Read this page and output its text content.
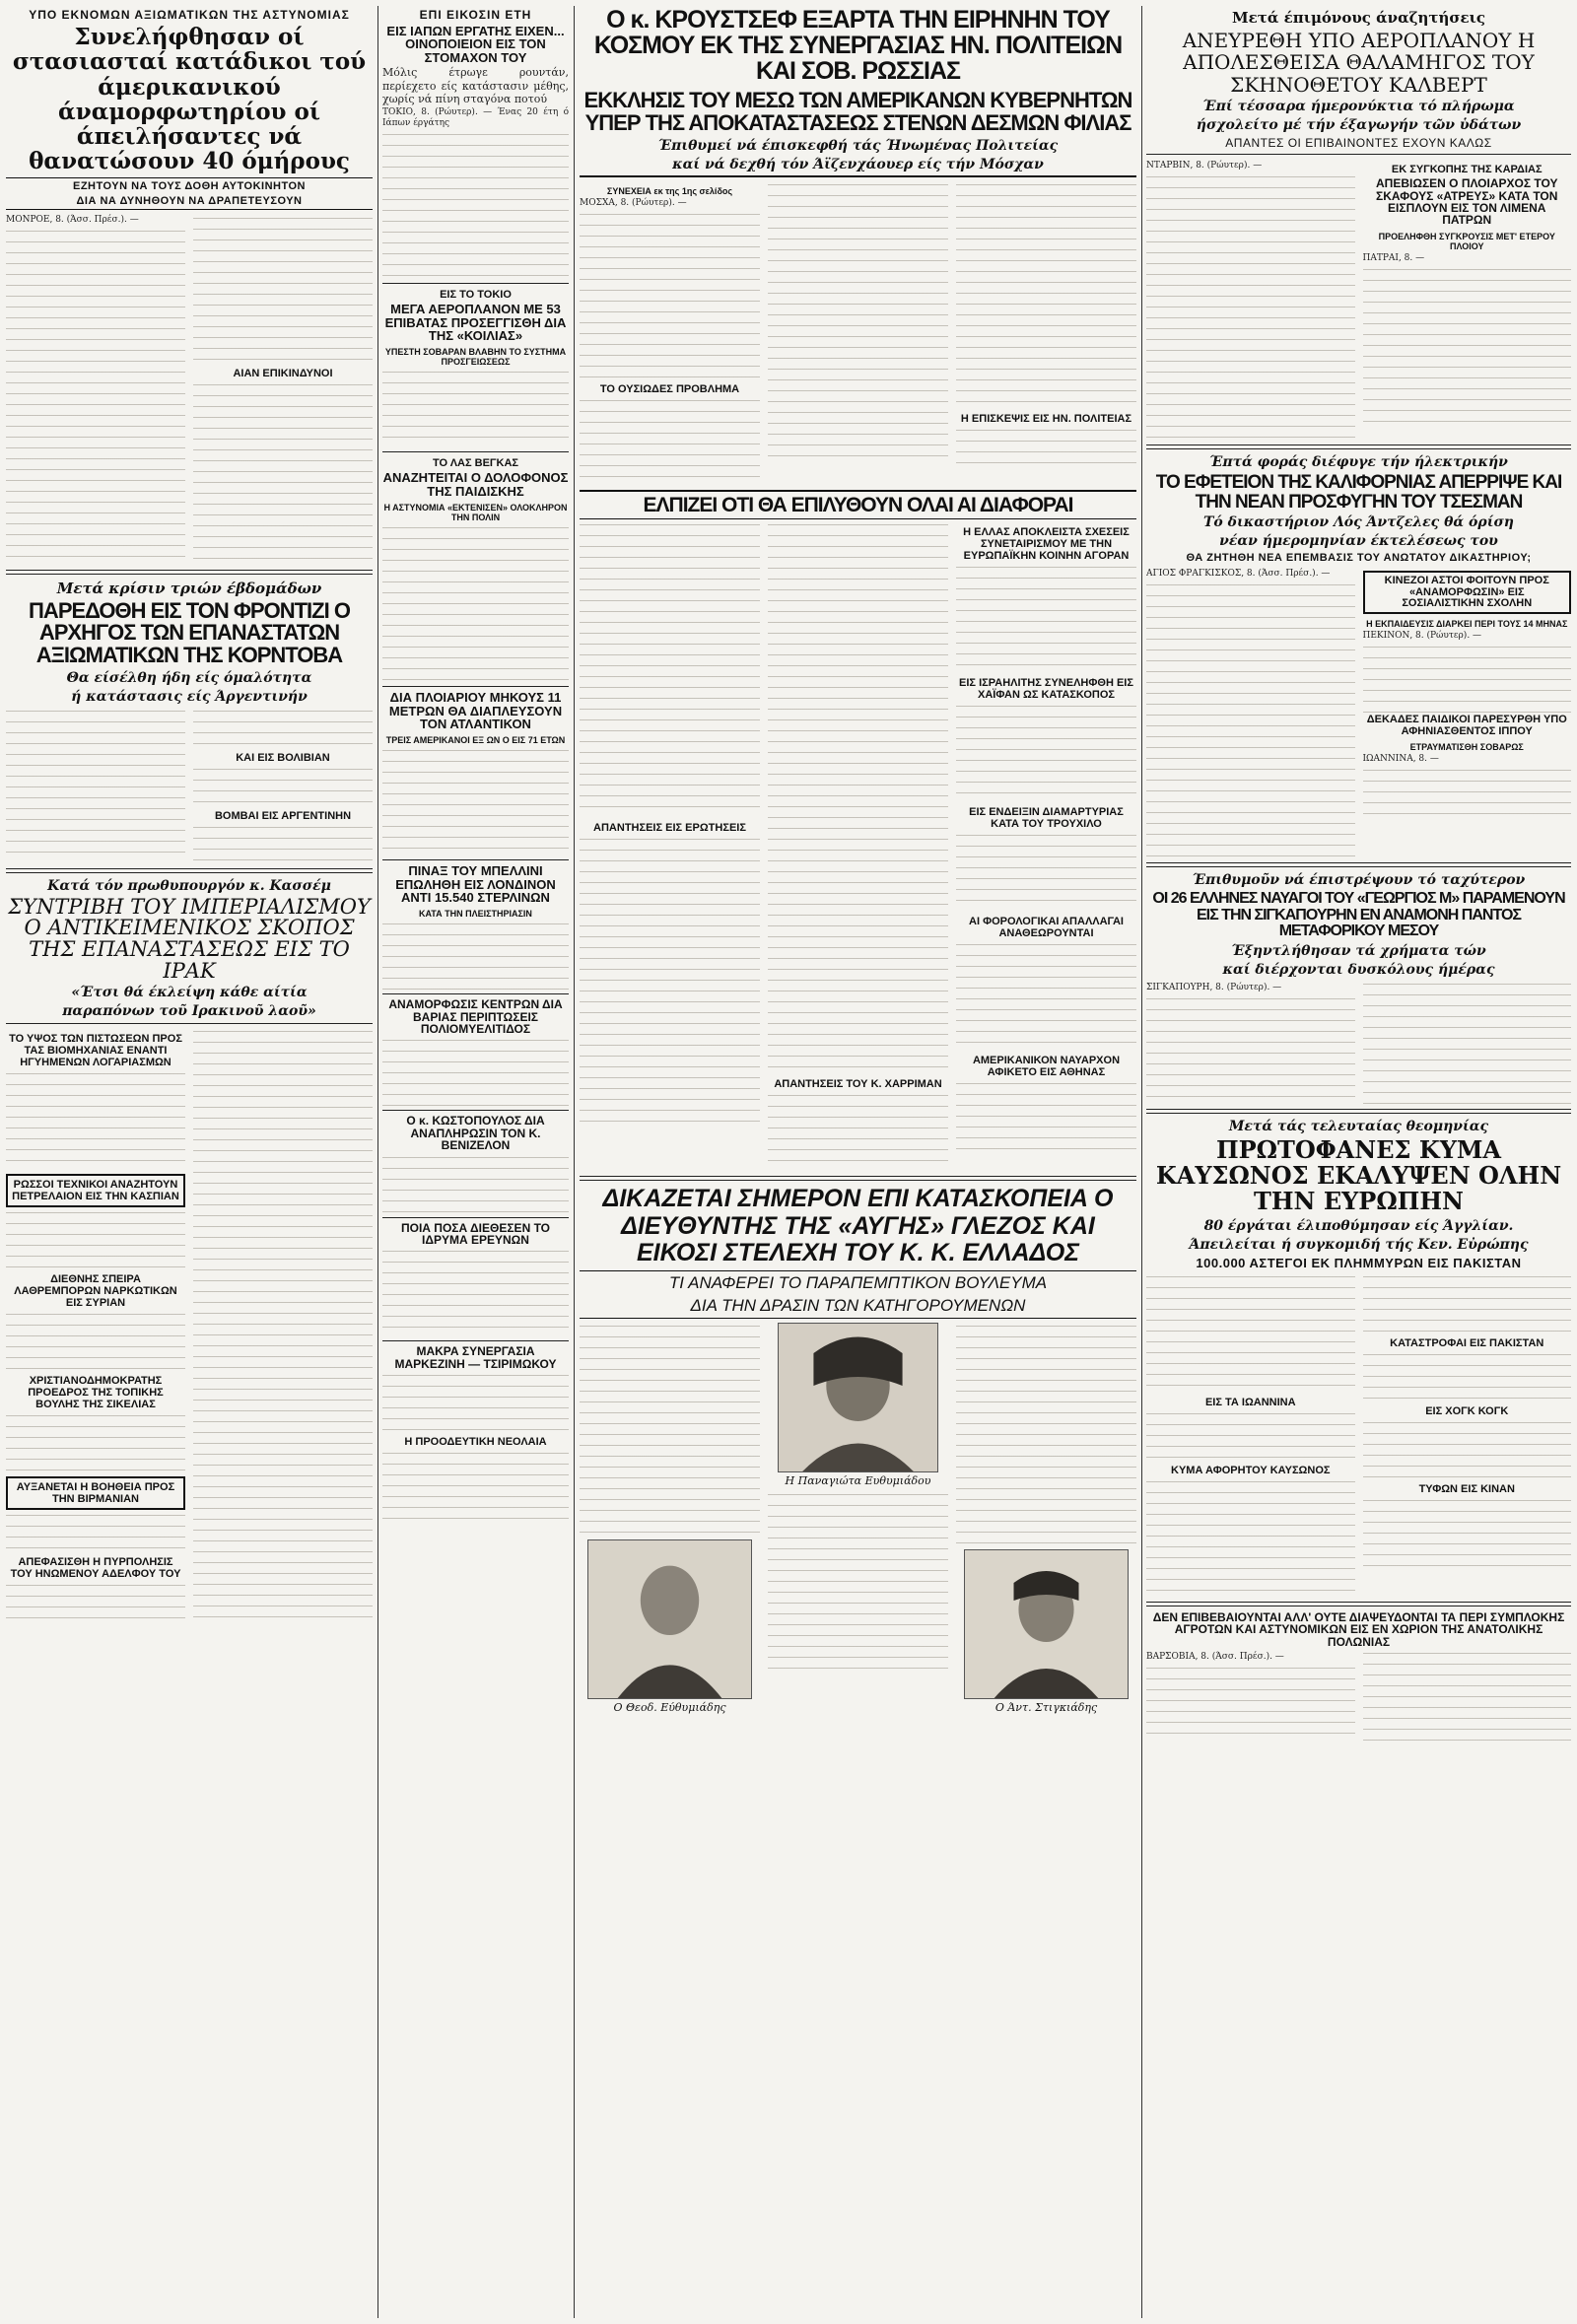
ΥΠΟ ΕΚΝΟΜΩΝ ΑΞΙΩΜΑΤΙΚΩΝ ΤΗΣ ΑΣΤΥΝΟΜΙΑΣ
Συνελήφθησαν οί στασιασταί κατάδικοι τού άμερικανικού άναμορφωτηρίου οί άπειλήσαντες νά θανατώσουν 40 όμήρους
ΕΖΗΤΟΥΝ ΝΑ ΤΟΥΣ ΔΟΘΗ ΑΥΤΟΚΙΝΗΤΟΝ
ΔΙΑ ΝΑ ΔΥΝΗΘΟΥΝ ΝΑ ΔΡΑΠΕΤΕΥΣΟΥΝ
ΜΟΝΡΟΕ, 8. (Άσσ. Πρέσ.). —
ΑΙΑΝ ΕΠΙΚΙΝΔΥΝΟΙ
Μετά κρίσιν τριών έβδομάδων
ΠΑΡΕΔΟΘΗ ΕΙΣ ΤΟΝ ΦΡΟΝΤΙΖΙ Ο ΑΡΧΗΓΟΣ ΤΩΝ ΕΠΑΝΑΣΤΑΤΩΝ ΑΞΙΩΜΑΤΙΚΩΝ ΤΗΣ ΚΟΡΝΤΟΒΑ
Θα είσέλθη ήδη είς όμαλότητα
ή κατάστασις είς Άργεντινήν
ΚΑΙ ΕΙΣ ΒΟΛΙΒΙΑΝ
ΒΟΜΒΑΙ ΕΙΣ ΑΡΓΕΝΤΙΝΗΝ
Κατά τόν πρωθυπουργόν κ. Κασσέμ
ΣΥΝΤΡΙΒΗ ΤΟΥ ΙΜΠΕΡΙΑΛΙΣΜΟΥ Ο ΑΝΤΙΚΕΙΜΕΝΙΚΟΣ ΣΚΟΠΟΣ ΤΗΣ ΕΠΑΝΑΣΤΑΣΕΩΣ ΕΙΣ ΤΟ ΙΡΑΚ
«Έτσι θά έκλείψη κάθε αίτία
παραπόνων τοῦ Ιρακινοῦ λαοῦ»
ΤΟ ΥΨΟΣ ΤΩΝ ΠΙΣΤΩΣΕΩΝ ΠΡΟΣ ΤΑΣ ΒΙΟΜΗΧΑΝΙΑΣ ΕΝΑΝΤΙ ΗΓΥΗΜΕΝΩΝ ΛΟΓΑΡΙΑΣΜΩΝ
ΡΩΣΣΟΙ ΤΕΧΝΙΚΟΙ ΑΝΑΖΗΤΟΥΝ ΠΕΤΡΕΛΑΙΟΝ ΕΙΣ ΤΗΝ ΚΑΣΠΙΑΝ
ΔΙΕΘΝΗΣ ΣΠΕΙΡΑ ΛΑΘΡΕΜΠΟΡΩΝ ΝΑΡΚΩΤΙΚΩΝ ΕΙΣ ΣΥΡΙΑΝ
ΧΡΙΣΤΙΑΝΟΔΗΜΟΚΡΑΤΗΣ ΠΡΟΕΔΡΟΣ ΤΗΣ ΤΟΠΙΚΗΣ ΒΟΥΛΗΣ ΤΗΣ ΣΙΚΕΛΙΑΣ
ΑΥΞΑΝΕΤΑΙ Η ΒΟΗΘΕΙΑ ΠΡΟΣ ΤΗΝ ΒΙΡΜΑΝΙΑΝ
ΑΠΕΦΑΣΙΣΘΗ Η ΠΥΡΠΟΛΗΣΙΣ ΤΟΥ ΗΝΩΜΕΝΟΥ ΑΔΕΛΦΟΥ ΤΟΥ
ΕΠΙ ΕΙΚΟΣΙΝ ΕΤΗ
ΕΙΣ ΙΑΠΩΝ ΕΡΓΑΤΗΣ ΕΙΧΕΝ... ΟΙΝΟΠΟΙΕΙΟΝ ΕΙΣ ΤΟΝ ΣΤΟΜΑΧΟΝ ΤΟΥ
Μόλις έτρωγε ρουντάν, περίεχετο είς κατάστασιν μέθης, χωρίς νά πίνη σταγόνα ποτού
ΤΟΚΙΟ, 8. (Ρώυτερ). — Ένας 20 έτη ό Ιάπων έργάτης
ΕΙΣ ΤΟ ΤΟΚΙΟ
ΜΕΓΑ ΑΕΡΟΠΛΑΝΟΝ ΜΕ 53 ΕΠΙΒΑΤΑΣ ΠΡΟΣΕΓΓΙΣΘΗ ΔΙΑ ΤΗΣ «ΚΟΙΛΙΑΣ»
ΥΠΕΣΤΗ ΣΟΒΑΡΑΝ ΒΛΑΒΗΝ ΤΟ ΣΥΣΤΗΜΑ ΠΡΟΣΓΕΙΩΣΕΩΣ
ΤΟ ΛΑΣ ΒΕΓΚΑΣ
ΑΝΑΖΗΤΕΙΤΑΙ Ο ΔΟΛΟΦΟΝΟΣ ΤΗΣ ΠΑΙΔΙΣΚΗΣ
Η ΑΣΤΥΝΟΜΙΑ «ΕΚΤΕΝΙΣΕΝ» ΟΛΟΚΛΗΡΟΝ ΤΗΝ ΠΟΛΙΝ
ΔΙΑ ΠΛΟΙΑΡΙΟΥ ΜΗΚΟΥΣ 11 ΜΕΤΡΩΝ ΘΑ ΔΙΑΠΛΕΥΣΟΥΝ ΤΟΝ ΑΤΛΑΝΤΙΚΟΝ
ΤΡΕΙΣ ΑΜΕΡΙΚΑΝΟΙ ΕΞ ΩΝ Ο ΕΙΣ 71 ΕΤΩΝ
ΠΙΝΑΞ ΤΟΥ ΜΠΕΛΛΙΝΙ ΕΠΩΛΗΘΗ ΕΙΣ ΛΟΝΔΙΝΟΝ ΑΝΤΙ 15.540 ΣΤΕΡΛΙΝΩΝ
ΚΑΤΑ ΤΗΝ ΠΛΕΙΣΤΗΡΙΑΣΙΝ
ΑΝΑΜΟΡΦΩΣΙΣ ΚΕΝΤΡΩΝ ΔΙΑ ΒΑΡΙΑΣ ΠΕΡΙΠΤΩΣΕΙΣ ΠΟΛΙΟΜΥΕΛΙΤΙΔΟΣ
Ο κ. ΚΩΣΤΟΠΟΥΛΟΣ ΔΙΑ ΑΝΑΠΛΗΡΩΣΙΝ ΤΟΝ Κ. ΒΕΝΙΖΕΛΟΝ
ΠΟΙΑ ΠΟΣΑ ΔΙΕΘΕΣΕΝ ΤΟ ΙΔΡΥΜΑ ΕΡΕΥΝΩΝ
ΜΑΚΡΑ ΣΥΝΕΡΓΑΣΙΑ ΜΑΡΚΕΖΙΝΗ — ΤΣΙΡΙΜΩΚΟΥ
Η ΠΡΟΟΔΕΥΤΙΚΗ ΝΕΟΛΑΙΑ
Ο κ. ΚΡΟΥΣΤΣΕΦ ΕΞΑΡΤΑ ΤΗΝ ΕΙΡΗΝΗΝ ΤΟΥ ΚΟΣΜΟΥ ΕΚ ΤΗΣ ΣΥΝΕΡΓΑΣΙΑΣ ΗΝ. ΠΟΛΙΤΕΙΩΝ ΚΑΙ ΣΟΒ. ΡΩΣΣΙΑΣ
ΕΚΚΛΗΣΙΣ ΤΟΥ ΜΕΣΩ ΤΩΝ ΑΜΕΡΙΚΑΝΩΝ ΚΥΒΕΡΝΗΤΩΝ ΥΠΕΡ ΤΗΣ ΑΠΟΚΑΤΑΣΤΑΣΕΩΣ ΣΤΕΝΩΝ ΔΕΣΜΩΝ ΦΙΛΙΑΣ
Έπιθυμεί νά έπισκεφθή τάς Ήνωμένας Πολιτείας
καί νά δεχθή τόν Άϊζενχάουερ είς τήν Μόσχαν
ΣΥΝΕΧΕΙΑ εκ της 1ης σελίδος
ΜΟΣΧΑ, 8. (Ρώυτερ). —
ΤΟ ΟΥΣΙΩΔΕΣ ΠΡΟΒΛΗΜΑ
Η ΕΠΙΣΚΕΨΙΣ ΕΙΣ ΗΝ. ΠΟΛΙΤΕΙΑΣ
ΕΛΠΙΖΕΙ ΟΤΙ ΘΑ ΕΠΙΛΥΘΟΥΝ ΟΛΑΙ ΑΙ ΔΙΑΦΟΡΑΙ
ΑΠΑΝΤΗΣΕΙΣ ΕΙΣ ΕΡΩΤΗΣΕΙΣ
ΑΠΑΝΤΗΣΕΙΣ ΤΟΥ Κ. ΧΑΡΡΙΜΑΝ
Η ΕΛΛΑΣ ΑΠΟΚΛΕΙΣΤΑ ΣΧΕΣΕΙΣ ΣΥΝΕΤΑΙΡΙΣΜΟΥ ΜΕ ΤΗΝ ΕΥΡΩΠΑΪΚΗΝ ΚΟΙΝΗΝ ΑΓΟΡΑΝ
ΕΙΣ ΙΣΡΑΗΛΙΤΗΣ ΣΥΝΕΛΗΦΘΗ ΕΙΣ ΧΑΪΦΑΝ ΩΣ ΚΑΤΑΣΚΟΠΟΣ
ΕΙΣ ΕΝΔΕΙΞΙΝ ΔΙΑΜΑΡΤΥΡΙΑΣ ΚΑΤΑ ΤΟΥ ΤΡΟΥΧΙΛΟ
ΑΙ ΦΟΡΟΛΟΓΙΚΑΙ ΑΠΑΛΛΑΓΑΙ ΑΝΑΘΕΩΡΟΥΝΤΑΙ
ΑΜΕΡΙΚΑΝΙΚΟΝ ΝΑΥΑΡΧΟΝ ΑΦΙΚΕΤΟ ΕΙΣ ΑΘΗΝΑΣ
ΔΙΚΑΖΕΤΑΙ ΣΗΜΕΡΟΝ ΕΠΙ ΚΑΤΑΣΚΟΠΕΙΑ Ο ΔΙΕΥΘΥΝΤΗΣ ΤΗΣ «ΑΥΓΗΣ» ΓΛΕΖΟΣ ΚΑΙ ΕΙΚΟΣΙ ΣΤΕΛΕΧΗ ΤΟΥ Κ. Κ. ΕΛΛΑΔΟΣ
ΤΙ ΑΝΑΦΕΡΕΙ ΤΟ ΠΑΡΑΠΕΜΠΤΙΚΟΝ ΒΟΥΛΕΥΜΑ
ΔΙΑ ΤΗΝ ΔΡΑΣΙΝ ΤΩΝ ΚΑΤΗΓΟΡΟΥΜΕΝΩΝ
Ο Θεοδ. Εύθυμιάδης
Η Παναγιώτα Ευθυμιάδου
Ο Άντ. Στιγκιάδης
Μετά έπιμόνους άναζητήσεις
ΑΝΕΥΡΕΘΗ ΥΠΟ ΑΕΡΟΠΛΑΝΟΥ Η ΑΠΟΛΕΣΘΕΙΣΑ ΘΑΛΑΜΗΓΟΣ ΤΟΥ ΣΚΗΝΟΘΕΤΟΥ ΚΑΛΒΕΡΤ
Έπί τέσσαρα ήμερονύκτια τό πλήρωμα
ήσχολείτο μέ τήν έξαγωγήν τῶν ὑδάτων
ΑΠΑΝΤΕΣ ΟΙ ΕΠΙΒΑΙΝΟΝΤΕΣ ΕΧΟΥΝ ΚΑΛΩΣ
ΝΤΑΡΒΙΝ, 8. (Ρώυτερ). —	ΕΚ ΣΥΓΚΟΠΗΣ ΤΗΣ ΚΑΡΔΙΑΣ
ΑΠΕΒΙΩΣΕΝ Ο ΠΛΟΙΑΡΧΟΣ ΤΟΥ ΣΚΑΦΟΥΣ «ΑΤΡΕΥΣ» ΚΑΤΑ ΤΟΝ ΕΙΣΠΛΟΥΝ ΕΙΣ ΤΟΝ ΛΙΜΕΝΑ ΠΑΤΡΩΝ
ΠΡΟΕΛΗΦΘΗ ΣΥΓΚΡΟΥΣΙΣ ΜΕΤ' ΕΤΕΡΟΥ ΠΛΟΙΟΥ
ΠΑΤΡΑΙ, 8. —
Έπτά φοράς διέφυγε τήν ήλεκτρικήν
ΤΟ ΕΦΕΤΕΙΟΝ ΤΗΣ ΚΑΛΙΦΟΡΝΙΑΣ ΑΠΕΡΡΙΨΕ ΚΑΙ ΤΗΝ ΝΕΑΝ ΠΡΟΣΦΥΓΗΝ ΤΟΥ ΤΣΕΣΜΑΝ
Τό δικαστήριον Λός Άντζελες θά όρίση
νέαν ήμερομηνίαν έκτελέσεως του
ΘΑ ΖΗΤΗΘΗ ΝΕΑ ΕΠΕΜΒΑΣΙΣ ΤΟΥ ΑΝΩΤΑΤΟΥ ΔΙΚΑΣΤΗΡΙΟΥ;
ΑΓΙΟΣ ΦΡΑΓΚΙΣΚΟΣ, 8. (Άσσ. Πρέσ.). —
ΚΙΝΕΖΟΙ ΑΣΤΟΙ ΦΟΙΤΟΥΝ ΠΡΟΣ «ΑΝΑΜΟΡΦΩΣΙΝ» ΕΙΣ ΣΟΣΙΑΛΙΣΤΙΚΗΝ ΣΧΟΛΗΝ
Η ΕΚΠΑΙΔΕΥΣΙΣ ΔΙΑΡΚΕΙ ΠΕΡΙ ΤΟΥΣ 14 ΜΗΝΑΣ
ΠΕΚΙΝΟΝ, 8. (Ρώυτερ). —
ΔΕΚΑΔΕΣ ΠΑΙΔΙΚΟΙ ΠΑΡΕΣΥΡΘΗ ΥΠΟ ΑΦΗΝΙΑΣΘΕΝΤΟΣ ΙΠΠΟΥ
ΕΤΡΑΥΜΑΤΙΣΘΗ ΣΟΒΑΡΩΣ
ΙΩΑΝΝΙΝΑ, 8. —
Έπιθυμοῦν νά έπιστρέψουν τό ταχύτερον
ΟΙ 26 ΕΛΛΗΝΕΣ ΝΑΥΑΓΟΙ ΤΟΥ «ΓΕΩΡΓΙΟΣ Μ» ΠΑΡΑΜΕΝΟΥΝ ΕΙΣ ΤΗΝ ΣΙΓΚΑΠΟΥΡΗΝ ΕΝ ΑΝΑΜΟΝΗ ΠΑΝΤΟΣ ΜΕΤΑΦΟΡΙΚΟΥ ΜΕΣΟΥ
Έξηντλήθησαν τά χρήματα τών
καί διέρχονται δυσκόλους ήμέρας
ΣΙΓΚΑΠΟΥΡΗ, 8. (Ρώυτερ). —
Μετά τάς τελευταίας θεομηνίας
ΠΡΩΤΟΦΑΝΕΣ ΚΥΜΑ ΚΑΥΣΩΝΟΣ ΕΚΑΛΥΨΕΝ ΟΛΗΝ ΤΗΝ ΕΥΡΩΠΗΝ
80 έργάται έλιποθύμησαν είς Άγγλίαν.
Άπειλείται ή συγκομιδή τής Κεν. Εὐρώπης
100.000 ΑΣΤΕΓΟΙ ΕΚ ΠΛΗΜΜΥΡΩΝ ΕΙΣ ΠΑΚΙΣΤΑΝ
ΕΙΣ ΤΑ ΙΩΑΝΝΙΝΑ
ΚΥΜΑ ΑΦΟΡΗΤΟΥ ΚΑΥΣΩΝΟΣ
ΚΑΤΑΣΤΡΟΦΑΙ ΕΙΣ ΠΑΚΙΣΤΑΝ
ΕΙΣ ΧΟΓΚ ΚΟΓΚ
ΤΥΦΩΝ ΕΙΣ ΚΙΝΑΝ
ΔΕΝ ΕΠΙΒΕΒΑΙΟΥΝΤΑΙ ΑΛΛ' ΟΥΤΕ ΔΙΑΨΕΥΔΟΝΤΑΙ ΤΑ ΠΕΡΙ ΣΥΜΠΛΟΚΗΣ ΑΓΡΟΤΩΝ ΚΑΙ ΑΣΤΥΝΟΜΙΚΩΝ ΕΙΣ ΕΝ ΧΩΡΙΟΝ ΤΗΣ ΑΝΑΤΟΛΙΚΗΣ ΠΟΛΩΝΙΑΣ
ΒΑΡΣΟΒΙΑ, 8. (Άσσ. Πρέσ.). —
